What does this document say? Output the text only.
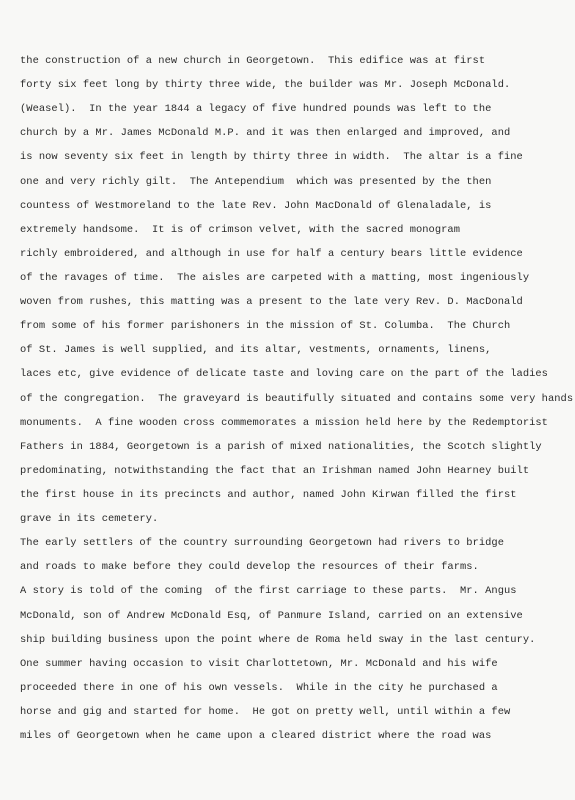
the construction of a new church in Georgetown.  This edifice was at first
forty six feet long by thirty three wide, the builder was Mr. Joseph McDonald.
(Weasel).  In the year 1844 a legacy of five hundred pounds was left to the
church by a Mr. James McDonald M.P. and it was then enlarged and improved, and
is now seventy six feet in length by thirty three in width.  The altar is a fine
one and very richly gilt.  The Antependium  which was presented by the then
countess of Westmoreland to the late Rev. John MacDonald of Glenaladale, is
extremely handsome.  It is of crimson velvet, with the sacred monogram
richly embroidered, and although in use for half a century bears little evidence
of the ravages of time.  The aisles are carpeted with a matting, most ingeniously
woven from rushes, this matting was a present to the late very Rev. D. MacDonald
from some of his former parishoners in the mission of St. Columba.  The Church
of St. James is well supplied, and its altar, vestments, ornaments, linens,
laces etc, give evidence of delicate taste and loving care on the part of the ladies
of the congregation.  The graveyard is beautifully situated and contains some very hands
monuments.  A fine wooden cross commemorates a mission held here by the Redemptorist
Fathers in 1884, Georgetown is a parish of mixed nationalities, the Scotch slightly
predominating, notwithstanding the fact that an Irishman named John Hearney built
the first house in its precincts and author, named John Kirwan filled the first
grave in its cemetery.
The early settlers of the country surrounding Georgetown had rivers to bridge
and roads to make before they could develop the resources of their farms.
A story is told of the coming  of the first carriage to these parts.  Mr. Angus
McDonald, son of Andrew McDonald Esq, of Panmure Island, carried on an extensive
ship building business upon the point where de Roma held sway in the last century.
One summer having occasion to visit Charlottetown, Mr. McDonald and his wife
proceeded there in one of his own vessels.  While in the city he purchased a
horse and gig and started for home.  He got on pretty well, until within a few
miles of Georgetown when he came upon a cleared district where the road was
